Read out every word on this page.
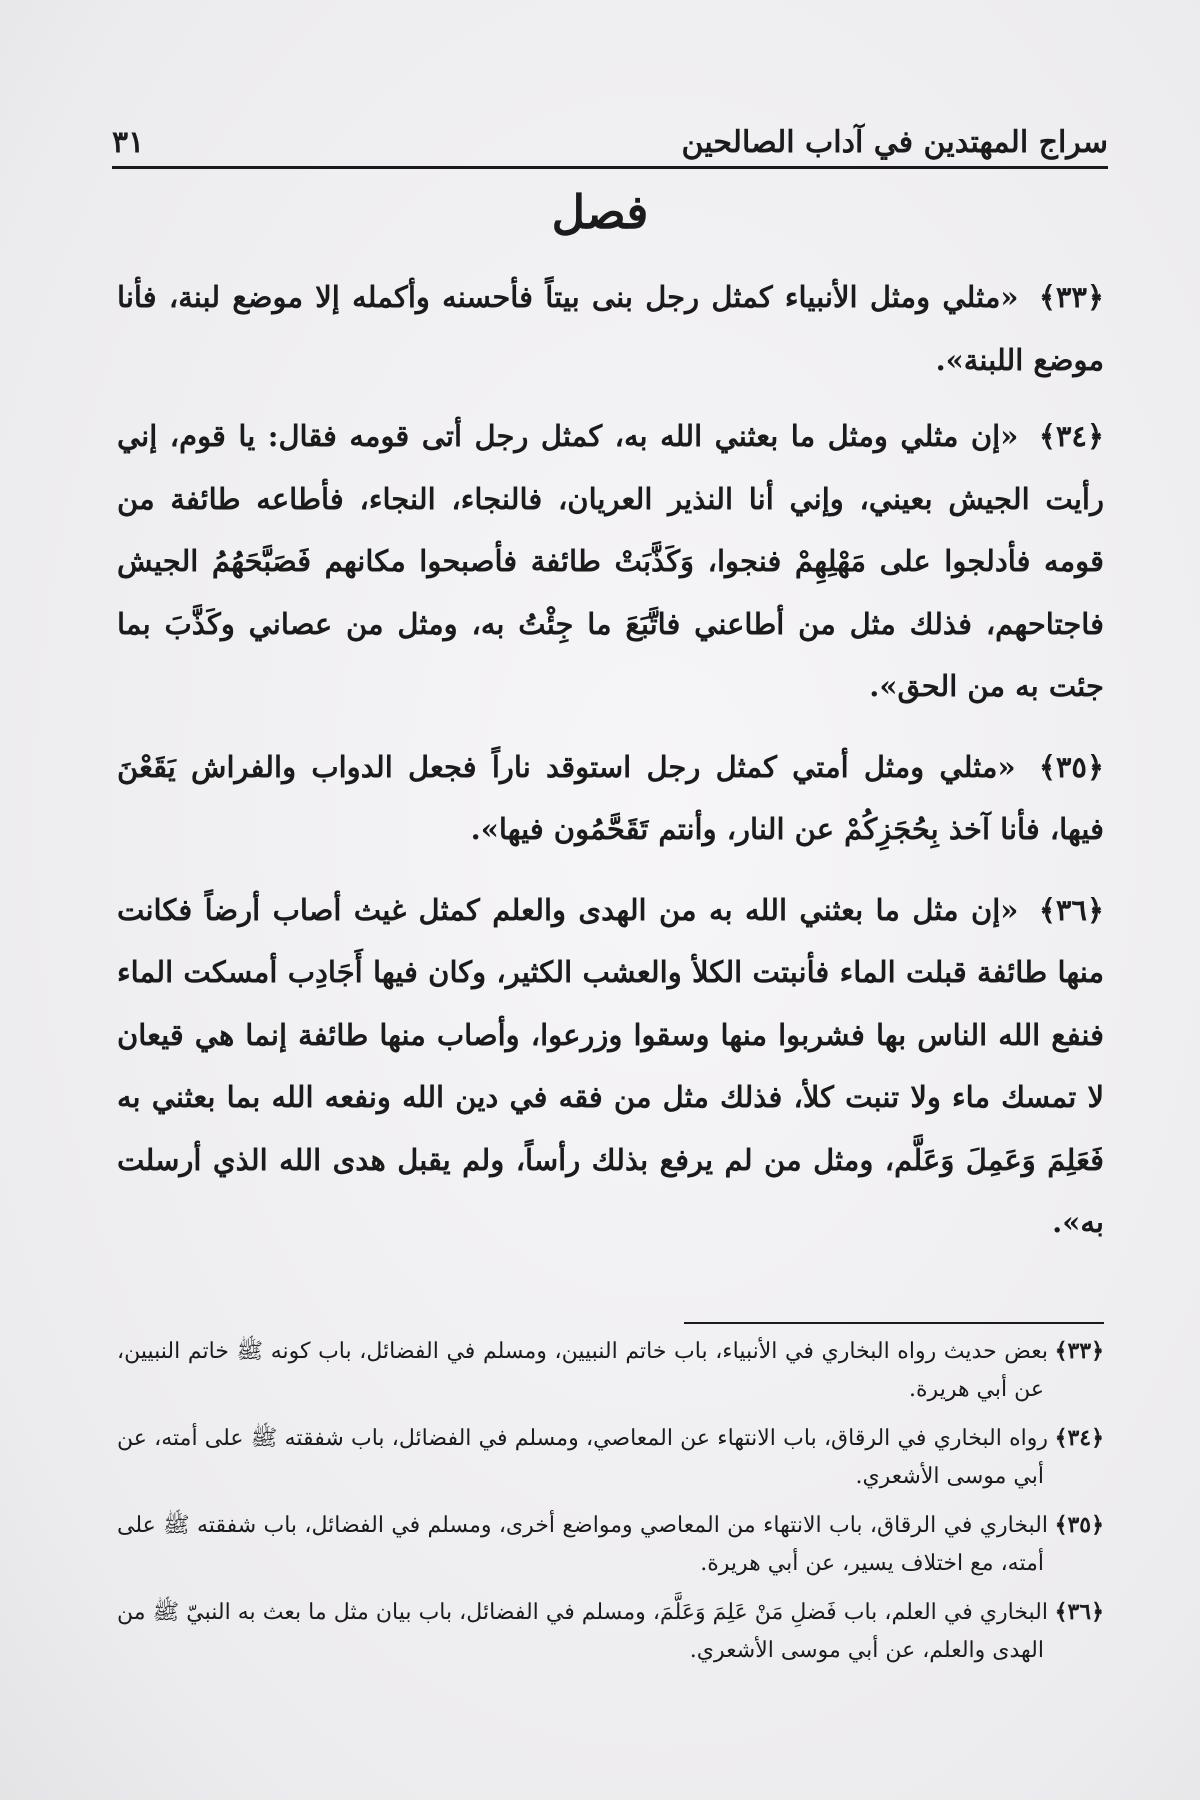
سراج المهتدين في آداب الصالحين
٣١
فصل

﴿٣٣﴾ «مثلي ومثل الأنبياء كمثل رجل بنى بيتاً فأحسنه وأكمله إلا موضع لبنة، فأنا موضع اللبنة».

﴿٣٤﴾ «إن مثلي ومثل ما بعثني الله به، كمثل رجل أتى قومه فقال: يا قوم، إني رأيت الجيش بعيني، وإني أنا النذير العريان، فالنجاء، النجاء، فأطاعه طائفة من قومه فأدلجوا على مَهْلِهِمْ فنجوا، وَكَذَّبَتْ طائفة فأصبحوا مكانهم فَصَبَّحَهُمُ الجيش فاجتاحهم، فذلك مثل من أطاعني فاتَّبَعَ ما جِئْتُ به، ومثل من عصاني وكَذَّبَ بما جئت به من الحق».

﴿٣٥﴾ «مثلي ومثل أمتي كمثل رجل استوقد ناراً فجعل الدواب والفراش يَقَعْنَ فيها، فأنا آخذ بِحُجَزِكُمْ عن النار، وأنتم تَقَحَّمُون فيها».

﴿٣٦﴾ «إن مثل ما بعثني الله به من الهدى والعلم كمثل غيث أصاب أرضاً فكانت منها طائفة قبلت الماء فأنبتت الكلأ والعشب الكثير، وكان فيها أَجَادِب أمسكت الماء فنفع الله الناس بها فشربوا منها وسقوا وزرعوا، وأصاب منها طائفة إنما هي قيعان لا تمسك ماء ولا تنبت كلأ، فذلك مثل من فقه في دين الله ونفعه الله بما بعثني به فَعَلِمَ وَعَمِلَ وَعَلَّم، ومثل من لم يرفع بذلك رأساً، ولم يقبل هدى الله الذي أرسلت به».

﴿٣٣﴾بعض حديث رواه البخاري في الأنبياء، باب خاتم النبيين، ومسلم في الفضائل، باب كونه ﷺ خاتم النبيين، عن أبي هريرة.

﴿٣٤﴾رواه البخاري في الرقاق، باب الانتهاء عن المعاصي، ومسلم في الفضائل، باب شفقته ﷺ على أمته، عن أبي موسى الأشعري.

﴿٣٥﴾البخاري في الرقاق، باب الانتهاء من المعاصي ومواضع أخرى، ومسلم في الفضائل، باب شفقته ﷺ على أمته، مع اختلاف يسير، عن أبي هريرة.

﴿٣٦﴾البخاري في العلم، باب فَضلِ مَنْ عَلِمَ وَعَلَّمَ، ومسلم في الفضائل، باب بيان مثل ما بعث به النبيّ ﷺ من الهدى والعلم، عن أبي موسى الأشعري.
